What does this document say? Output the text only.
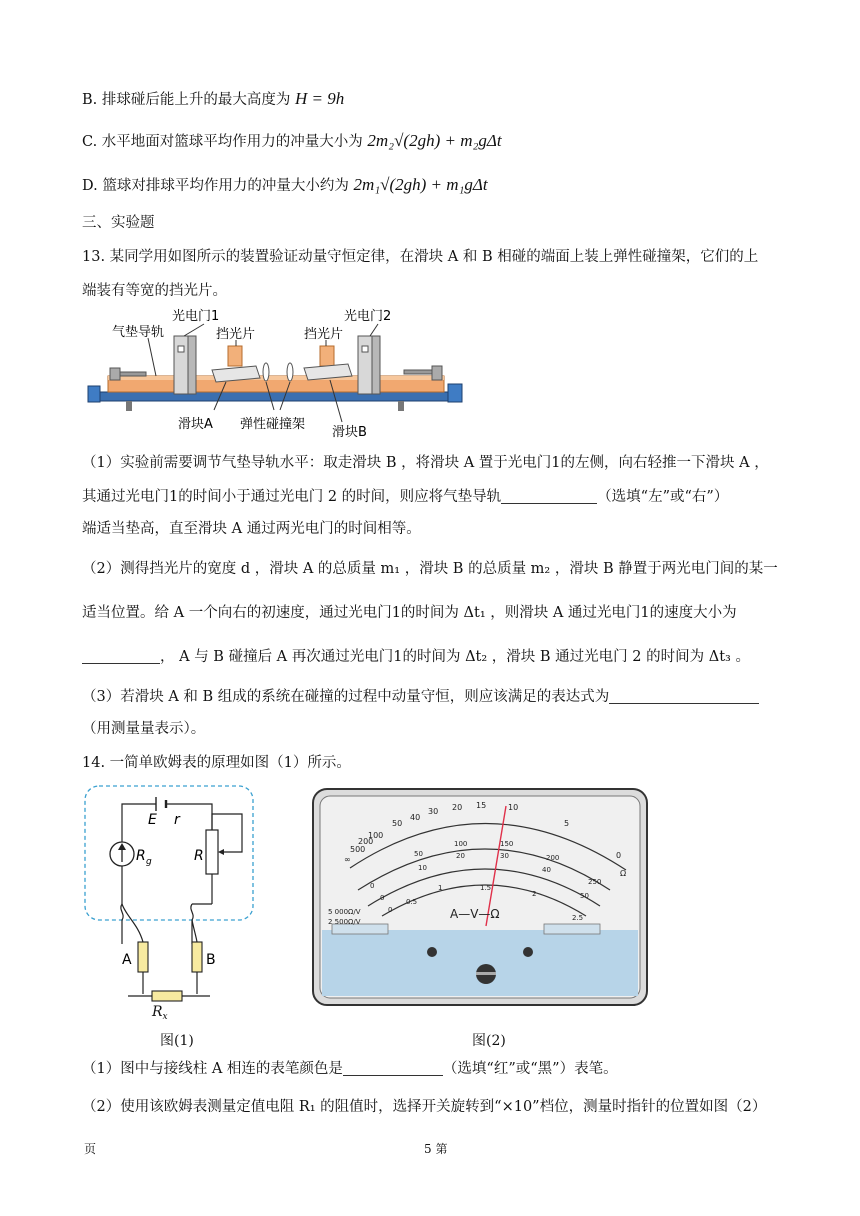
B. 排球碰后能上升的最大高度为 H = 9h
C. 水平地面对篮球平均作用力的冲量大小为 2m₂√(2gh) + m₂gΔt
D. 篮球对排球平均作用力的冲量大小约为 2m₁√(2gh) + m₁gΔt
三、实验题
13. 某同学用如图所示的装置验证动量守恒定律，在滑块 A 和 B 相碰的端面上装上弹性碰撞架，它们的上
端装有等宽的挡光片。
气垫导轨
光电门1
挡光片	挡光片
光电门2
滑块A 弹性碰撞架
滑块B
（1）实验前需要调节气垫导轨水平：取走滑块 B ，将滑块 A 置于光电门1的左侧，向右轻推一下滑块 A ，
其通过光电门1的时间小于通过光电门 2 的时间，则应将气垫导轨	（选填“左”或“右”）
端适当垫高，直至滑块 A 通过两光电门的时间相等。
（2）测得挡光片的宽度 d ，滑块 A 的总质量 m₁ ，滑块 B 的总质量 m₂ ，滑块 B 静置于两光电门间的某一
适当位置。给 A 一个向右的初速度，通过光电门1的时间为 Δt₁ ，则滑块 A 通过光电门1的速度大小为
， A 与 B 碰撞后 A 再次通过光电门1的时间为 Δt₂ ，滑块 B 通过光电门 2 的时间为 Δt₃ 。
（3）若滑块 A 和 B 组成的系统在碰撞的过程中动量守恒，则应该满足的表达式为
（用测量量表示）。
14. 一简单欧姆表的原理如图（1）所示。
E r
R g	R
A	B
$R_x$
∞
500
200
100
50
40
30 20 15	10
5
0
Ω
0
50
100	150
200
250
0
10
20	30
40
50
0
0.5
1	1.5
2
2.5
5 000Ω/V
2 500Ω/V
A—V—Ω
图(1)	图(2)
（1）图中与接线柱 A 相连的表笔颜色是	（选填“红”或“黑”）表笔。
（2）使用该欧姆表测量定值电阻 R₁ 的阻值时，选择开关旋转到“×10”档位，测量时指针的位置如图（2）
页	5 第
